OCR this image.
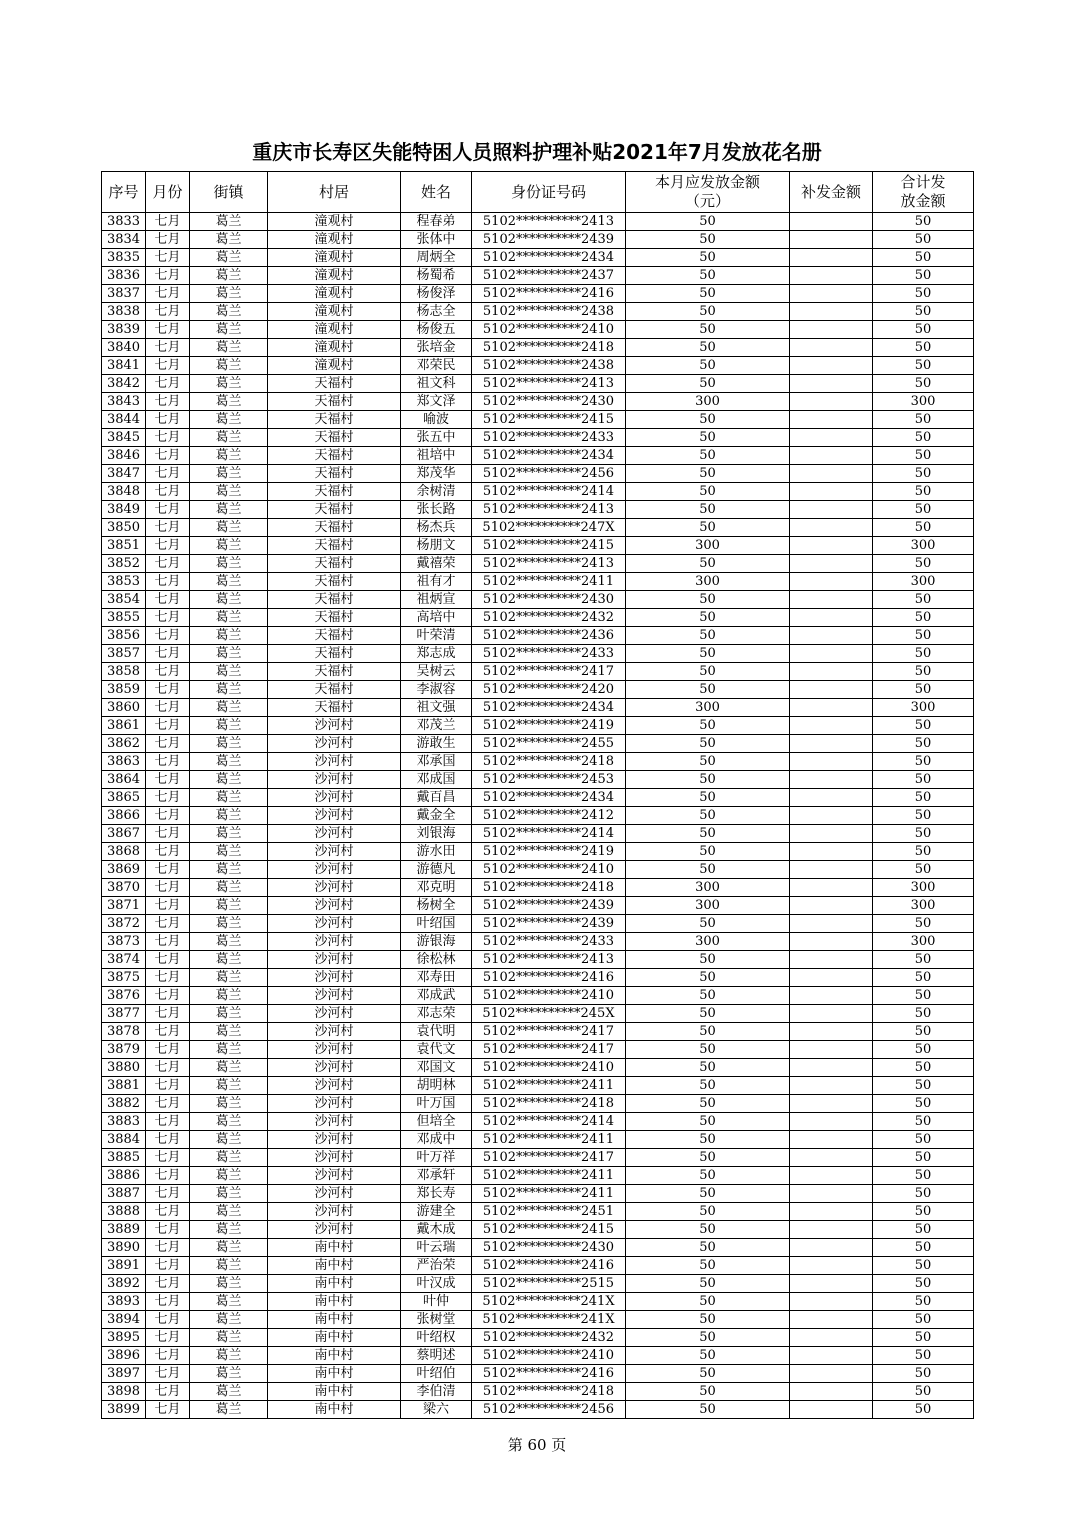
重庆市长寿区失能特困人员照料护理补贴2021年7月发放花名册
序号	月份	街镇	村居	姓名	身份证号码	本月应发放金额（元）	补发金额	合计发放金额
3833	七月	葛兰	潼观村	程春弟	5102**********2413	50		50
3834	七月	葛兰	潼观村	张体中	5102**********2439	50		50
3835	七月	葛兰	潼观村	周炳全	5102**********2434	50		50
3836	七月	葛兰	潼观村	杨蜀希	5102**********2437	50		50
3837	七月	葛兰	潼观村	杨俊泽	5102**********2416	50		50
3838	七月	葛兰	潼观村	杨志全	5102**********2438	50		50
3839	七月	葛兰	潼观村	杨俊五	5102**********2410	50		50
3840	七月	葛兰	潼观村	张培金	5102**********2418	50		50
3841	七月	葛兰	潼观村	邓荣民	5102**********2438	50		50
3842	七月	葛兰	天福村	祖文科	5102**********2413	50		50
3843	七月	葛兰	天福村	郑文泽	5102**********2430	300		300
3844	七月	葛兰	天福村	喻波	5102**********2415	50		50
3845	七月	葛兰	天福村	张五中	5102**********2433	50		50
3846	七月	葛兰	天福村	祖培中	5102**********2434	50		50
3847	七月	葛兰	天福村	郑茂华	5102**********2456	50		50
3848	七月	葛兰	天福村	余树清	5102**********2414	50		50
3849	七月	葛兰	天福村	张长路	5102**********2413	50		50
3850	七月	葛兰	天福村	杨杰兵	5102**********247X	50		50
3851	七月	葛兰	天福村	杨朋文	5102**********2415	300		300
3852	七月	葛兰	天福村	戴禧荣	5102**********2413	50		50
3853	七月	葛兰	天福村	祖有才	5102**********2411	300		300
3854	七月	葛兰	天福村	祖炳宣	5102**********2430	50		50
3855	七月	葛兰	天福村	高培中	5102**********2432	50		50
3856	七月	葛兰	天福村	叶荣清	5102**********2436	50		50
3857	七月	葛兰	天福村	郑志成	5102**********2433	50		50
3858	七月	葛兰	天福村	吴树云	5102**********2417	50		50
3859	七月	葛兰	天福村	李淑容	5102**********2420	50		50
3860	七月	葛兰	天福村	祖文强	5102**********2434	300		300
3861	七月	葛兰	沙河村	邓茂兰	5102**********2419	50		50
3862	七月	葛兰	沙河村	游敢生	5102**********2455	50		50
3863	七月	葛兰	沙河村	邓承国	5102**********2418	50		50
3864	七月	葛兰	沙河村	邓成国	5102**********2453	50		50
3865	七月	葛兰	沙河村	戴百昌	5102**********2434	50		50
3866	七月	葛兰	沙河村	戴金全	5102**********2412	50		50
3867	七月	葛兰	沙河村	刘银海	5102**********2414	50		50
3868	七月	葛兰	沙河村	游水田	5102**********2419	50		50
3869	七月	葛兰	沙河村	游德凡	5102**********2410	50		50
3870	七月	葛兰	沙河村	邓克明	5102**********2418	300		300
3871	七月	葛兰	沙河村	杨树全	5102**********2439	300		300
3872	七月	葛兰	沙河村	叶绍国	5102**********2439	50		50
3873	七月	葛兰	沙河村	游银海	5102**********2433	300		300
3874	七月	葛兰	沙河村	徐松林	5102**********2413	50		50
3875	七月	葛兰	沙河村	邓寿田	5102**********2416	50		50
3876	七月	葛兰	沙河村	邓成武	5102**********2410	50		50
3877	七月	葛兰	沙河村	邓志荣	5102**********245X	50		50
3878	七月	葛兰	沙河村	袁代明	5102**********2417	50		50
3879	七月	葛兰	沙河村	袁代文	5102**********2417	50		50
3880	七月	葛兰	沙河村	邓国文	5102**********2410	50		50
3881	七月	葛兰	沙河村	胡明林	5102**********2411	50		50
3882	七月	葛兰	沙河村	叶万国	5102**********2418	50		50
3883	七月	葛兰	沙河村	但培全	5102**********2414	50		50
3884	七月	葛兰	沙河村	邓成中	5102**********2411	50		50
3885	七月	葛兰	沙河村	叶万祥	5102**********2417	50		50
3886	七月	葛兰	沙河村	邓承轩	5102**********2411	50		50
3887	七月	葛兰	沙河村	郑长寿	5102**********2411	50		50
3888	七月	葛兰	沙河村	游建全	5102**********2451	50		50
3889	七月	葛兰	沙河村	戴木成	5102**********2415	50		50
3890	七月	葛兰	南中村	叶云瑞	5102**********2430	50		50
3891	七月	葛兰	南中村	严治荣	5102**********2416	50		50
3892	七月	葛兰	南中村	叶汉成	5102**********2515	50		50
3893	七月	葛兰	南中村	叶仲	5102**********241X	50		50
3894	七月	葛兰	南中村	张树堂	5102**********241X	50		50
3895	七月	葛兰	南中村	叶绍权	5102**********2432	50		50
3896	七月	葛兰	南中村	蔡明述	5102**********2410	50		50
3897	七月	葛兰	南中村	叶绍伯	5102**********2416	50		50
3898	七月	葛兰	南中村	李伯清	5102**********2418	50		50
3899	七月	葛兰	南中村	梁六	5102**********2456	50		50
第 60 页
